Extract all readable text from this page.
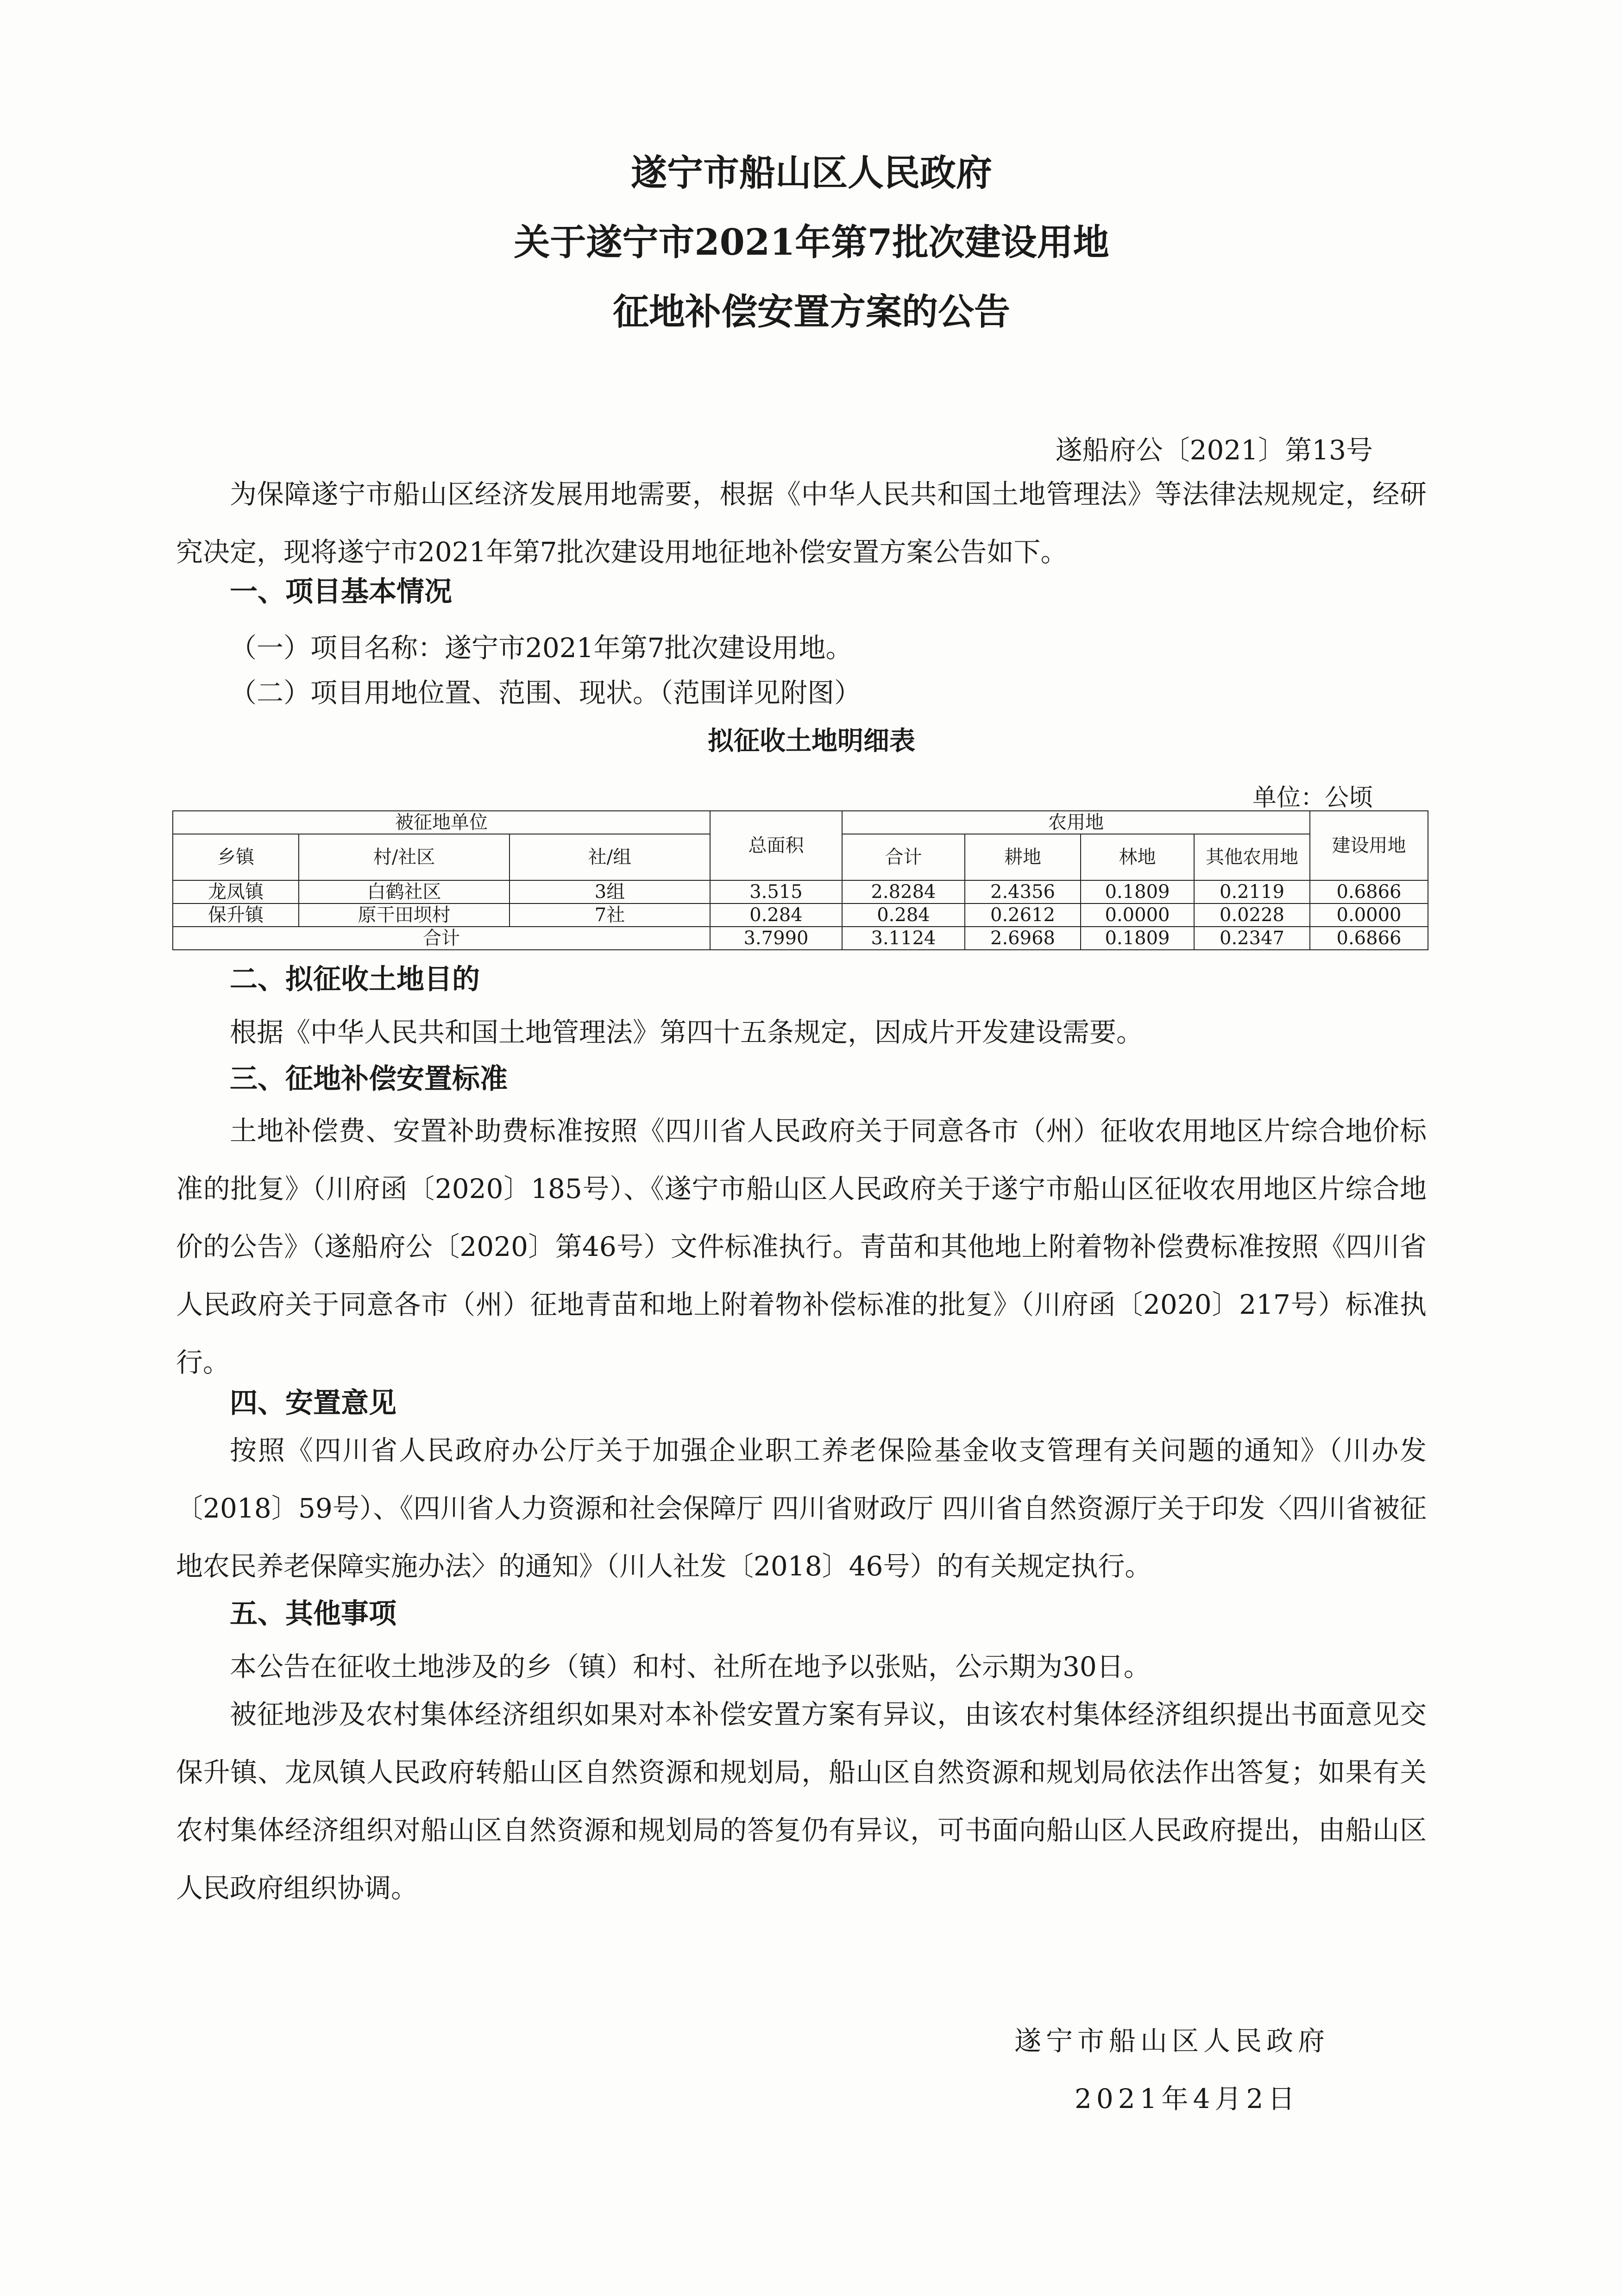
遂宁市船山区人民政府
关于遂宁市2021年第7批次建设用地
征地补偿安置方案的公告
遂船府公〔2021〕第13号

为保障遂宁市船山区经济发展用地需要，根据《中华人民共和国土地管理法》等法律法规规定，经研究决定，现将遂宁市2021年第7批次建设用地征地补偿安置方案公告如下。

一、项目基本情况
（一）项目名称：遂宁市2021年第7批次建设用地。
（二）项目用地位置、范围、现状。（范围详见附图）
拟征收土地明细表
单位：公顷
被征地单位			总面积	农用地				建设用地
乡镇	村/社区	社/组		合计	耕地	林地	其他农用地	
龙凤镇	白鹤社区	3组	3.515	2.8284	2.4356	0.1809	0.2119	0.6866
保升镇	原干田坝村	7社	0.284	0.284	0.2612	0.0000	0.0228	0.0000
合计			3.7990	3.1124	2.6968	0.1809	0.2347	0.6866
二、拟征收土地目的
根据《中华人民共和国土地管理法》第四十五条规定，因成片开发建设需要。
三、征地补偿安置标准

土地补偿费、安置补助费标准按照《四川省人民政府关于同意各市（州）征收农用地区片综合地价标准的批复》（川府函〔2020〕185号）、《遂宁市船山区人民政府关于遂宁市船山区征收农用地区片综合地价的公告》（遂船府公〔2020〕第46号）文件标准执行。青苗和其他地上附着物补偿费标准按照《四川省人民政府关于同意各市（州）征地青苗和地上附着物补偿标准的批复》（川府函〔2020〕217号）标准执行。

四、安置意见

按照《四川省人民政府办公厅关于加强企业职工养老保险基金收支管理有关问题的通知》（川办发〔2018〕59号）、《四川省人力资源和社会保障厅 四川省财政厅 四川省自然资源厅关于印发〈四川省被征地农民养老保障实施办法〉的通知》（川人社发〔2018〕46号）的有关规定执行。

五、其他事项
本公告在征收土地涉及的乡（镇）和村、社所在地予以张贴，公示期为30日。

被征地涉及农村集体经济组织如果对本补偿安置方案有异议，由该农村集体经济组织提出书面意见交保升镇、龙凤镇人民政府转船山区自然资源和规划局，船山区自然资源和规划局依法作出答复；如果有关农村集体经济组织对船山区自然资源和规划局的答复仍有异议，可书面向船山区人民政府提出，由船山区人民政府组织协调。

遂宁市船山区人民政府
2021年4月2日
